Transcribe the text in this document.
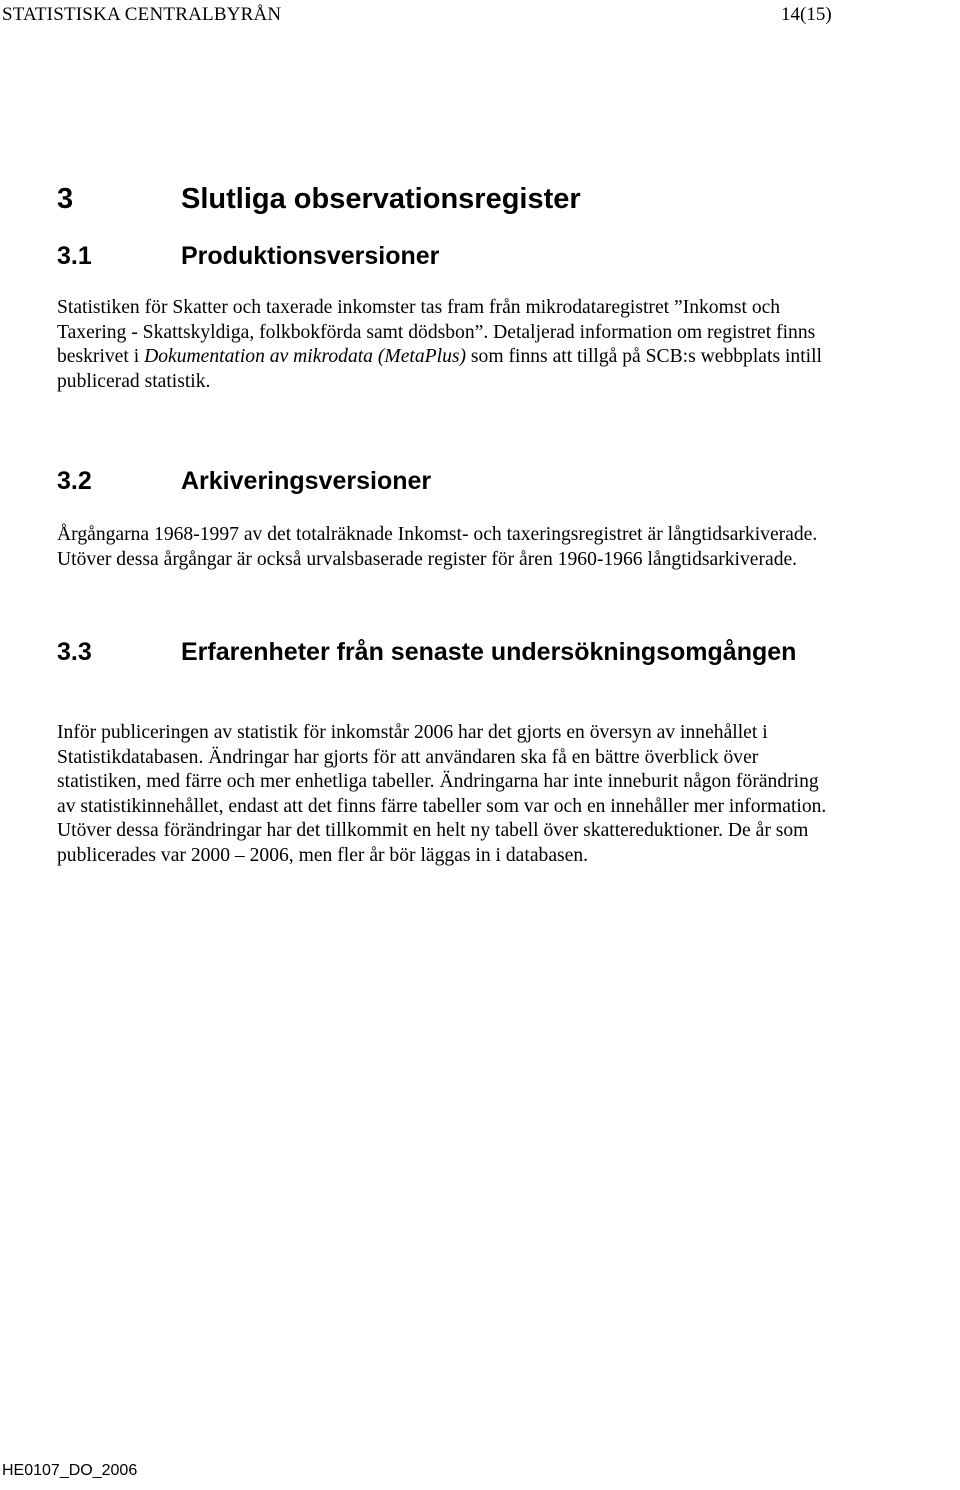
STATISTISKA CENTRALBYRÅN	14(15)
3	Slutliga observationsregister
3.1	Produktionsversioner

Statistiken för Skatter och taxerade inkomster tas fram från mikrodataregistret ”Inkomst och
Taxering - Skattskyldiga, folkbokförda samt dödsbon”. Detaljerad information om registret finns
beskrivet i Dokumentation av mikrodata (MetaPlus) som finns att tillgå på SCB:s webbplats intill
publicerad statistik.

3.2	Arkiveringsversioner

Årgångarna 1968-1997 av det totalräknade Inkomst- och taxeringsregistret är långtidsarkiverade.
Utöver dessa årgångar är också urvalsbaserade register för åren 1960-1966 långtidsarkiverade.

3.3	Erfarenheter från senaste undersökningsomgången

Inför publiceringen av statistik för inkomstår 2006 har det gjorts en översyn av innehållet i
Statistikdatabasen. Ändringar har gjorts för att användaren ska få en bättre överblick över
statistiken, med färre och mer enhetliga tabeller. Ändringarna har inte inneburit någon förändring
av statistikinnehållet, endast att det finns färre tabeller som var och en innehåller mer information.
Utöver dessa förändringar har det tillkommit en helt ny tabell över skattereduktioner. De år som
publicerades var 2000 – 2006, men fler år bör läggas in i databasen.

HE0107_DO_2006
